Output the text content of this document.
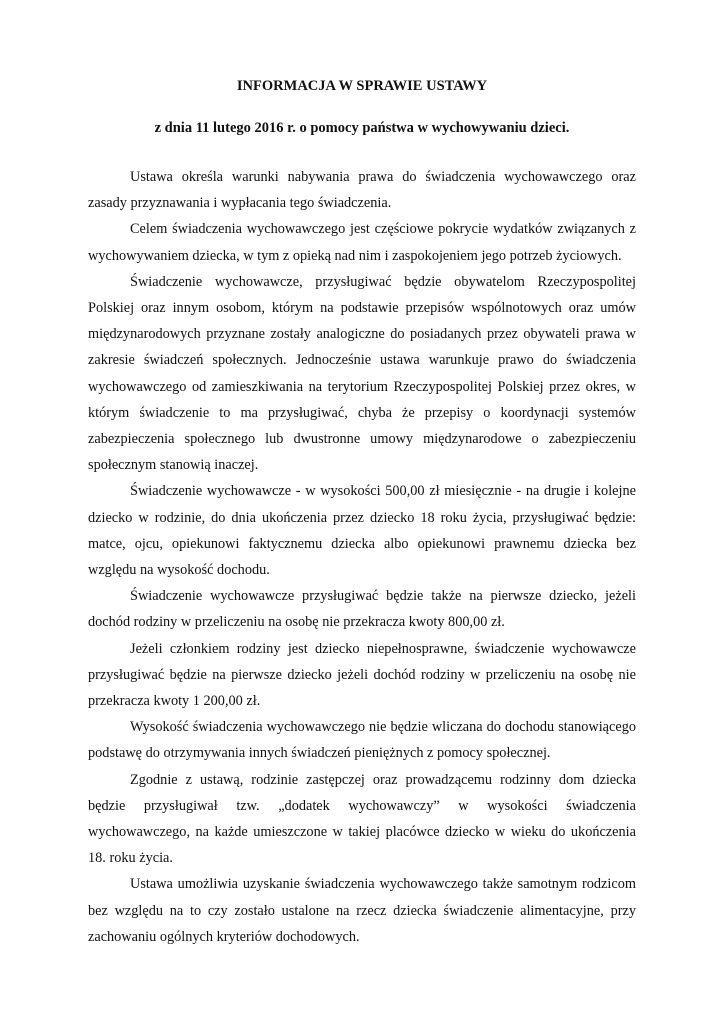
INFORMACJA W SPRAWIE USTAWY
z dnia 11 lutego 2016 r. o pomocy państwa w wychowywaniu dzieci.

Ustawa określa warunki nabywania prawa do świadczenia wychowawczego oraz zasady przyznawania i wypłacania tego świadczenia.

Celem świadczenia wychowawczego jest częściowe pokrycie wydatków związanych z wychowywaniem dziecka, w tym z opieką nad nim i zaspokojeniem jego potrzeb życiowych.

Świadczenie wychowawcze, przysługiwać będzie obywatelom Rzeczypospolitej Polskiej oraz innym osobom, którym na podstawie przepisów wspólnotowych oraz umów międzynarodowych przyznane zostały analogiczne do posiadanych przez obywateli prawa w zakresie świadczeń społecznych. Jednocześnie ustawa warunkuje prawo do świadczenia wychowawczego od zamieszkiwania na terytorium Rzeczypospolitej Polskiej przez okres, w którym świadczenie to ma przysługiwać, chyba że przepisy o koordynacji systemów zabezpieczenia społecznego lub dwustronne umowy międzynarodowe o zabezpieczeniu społecznym stanowią inaczej.

Świadczenie wychowawcze - w wysokości 500,00 zł miesięcznie - na drugie i kolejne dziecko w rodzinie, do dnia ukończenia przez dziecko 18 roku życia, przysługiwać będzie: matce, ojcu, opiekunowi faktycznemu dziecka albo opiekunowi prawnemu dziecka bez względu na wysokość dochodu.

Świadczenie wychowawcze przysługiwać będzie także na pierwsze dziecko, jeżeli dochód rodziny w przeliczeniu na osobę nie przekracza kwoty 800,00 zł.

Jeżeli członkiem rodziny jest dziecko niepełnosprawne, świadczenie wychowawcze przysługiwać będzie na pierwsze dziecko jeżeli dochód rodziny w przeliczeniu na osobę nie przekracza kwoty 1 200,00 zł.

Wysokość świadczenia wychowawczego nie będzie wliczana do dochodu stanowiącego podstawę do otrzymywania innych świadczeń pieniężnych z pomocy społecznej.

Zgodnie z ustawą, rodzinie zastępczej oraz prowadzącemu rodzinny dom dziecka będzie przysługiwał tzw. „dodatek wychowawczy” w wysokości świadczenia wychowawczego, na każde umieszczone w takiej placówce dziecko w wieku do ukończenia 18. roku życia.

Ustawa umożliwia uzyskanie świadczenia wychowawczego także samotnym rodzicom bez względu na to czy zostało ustalone na rzecz dziecka świadczenie alimentacyjne, przy zachowaniu ogólnych kryteriów dochodowych.
